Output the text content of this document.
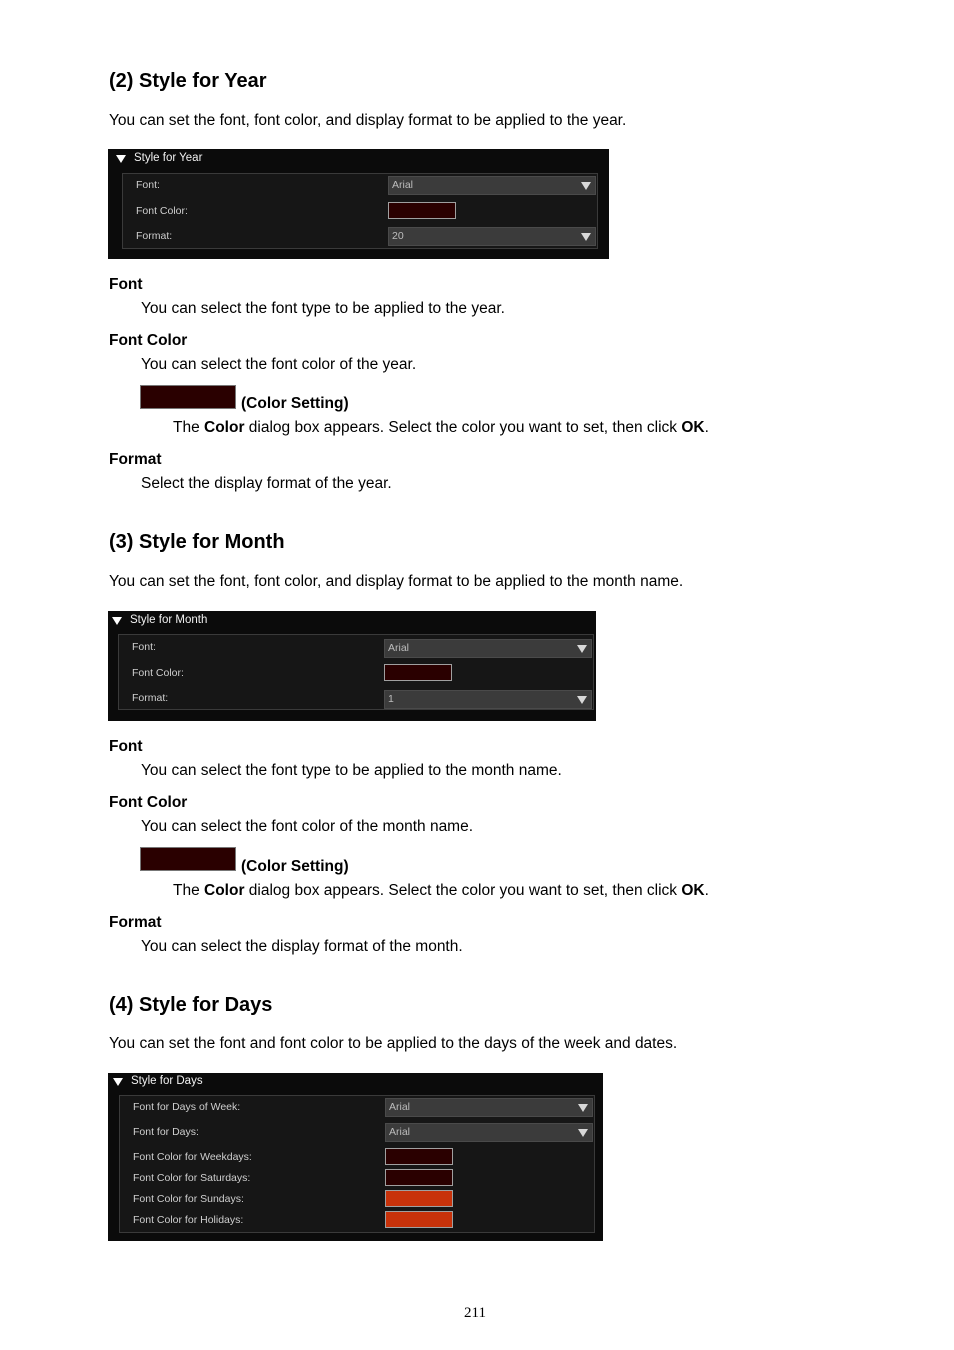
(2) Style for Year
You can set the font, font color, and display format to be applied to the year.
Style for Year
Font:	Arial
Font Color:
Format:	20
Font
You can select the font type to be applied to the year.
Font Color
You can select the font color of the year.
(Color Setting)
The Color dialog box appears. Select the color you want to set, then click OK.
Format
Select the display format of the year.
(3) Style for Month
You can set the font, font color, and display format to be applied to the month name.
Style for Month
Font:	Arial
Font Color:
Format:	1
Font
You can select the font type to be applied to the month name.
Font Color
You can select the font color of the month name.
(Color Setting)
The Color dialog box appears. Select the color you want to set, then click OK.
Format
You can select the display format of the month.
(4) Style for Days
You can set the font and font color to be applied to the days of the week and dates.
Style for Days
Font for Days of Week:	Arial
Font for Days:	Arial
Font Color for Weekdays:
Font Color for Saturdays:
Font Color for Sundays:
Font Color for Holidays:
211
